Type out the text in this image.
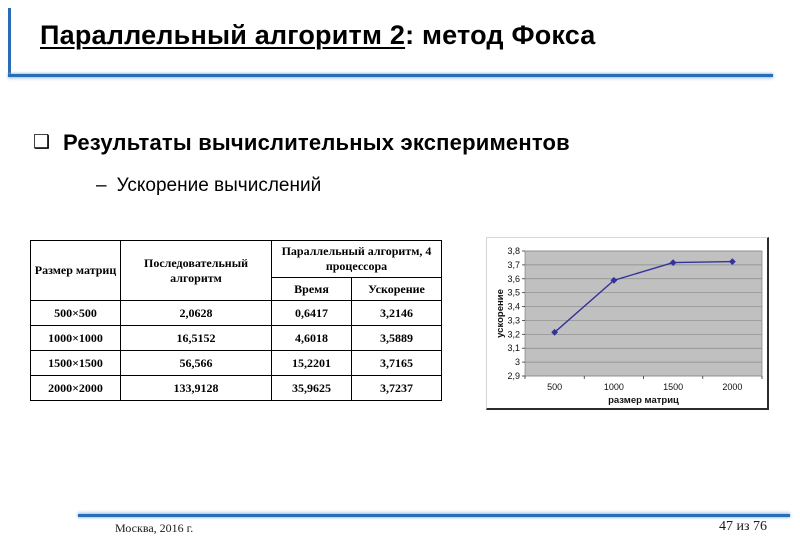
Параллельный алгоритм 2: метод Фокса
❑ Результаты вычислительных экспериментов
– Ускорение вычислений
Размер матриц	Последовательный алгоритм	Параллельный алгоритм, 4 процессора	
		Время	Ускорение
500×500	2,0628	0,6417	3,2146
1000×1000	16,5152	4,6018	3,5889
1500×1500	56,566	15,2201	3,7165
2000×2000	133,9128	35,9625	3,7237
2,9
3
3,1
3,2
3,3
3,4
3,5
3,6
3,7
3,8
500	1000	1500	2000
размер матриц
ускорение
Москва, 2016 г.	47 из 76
